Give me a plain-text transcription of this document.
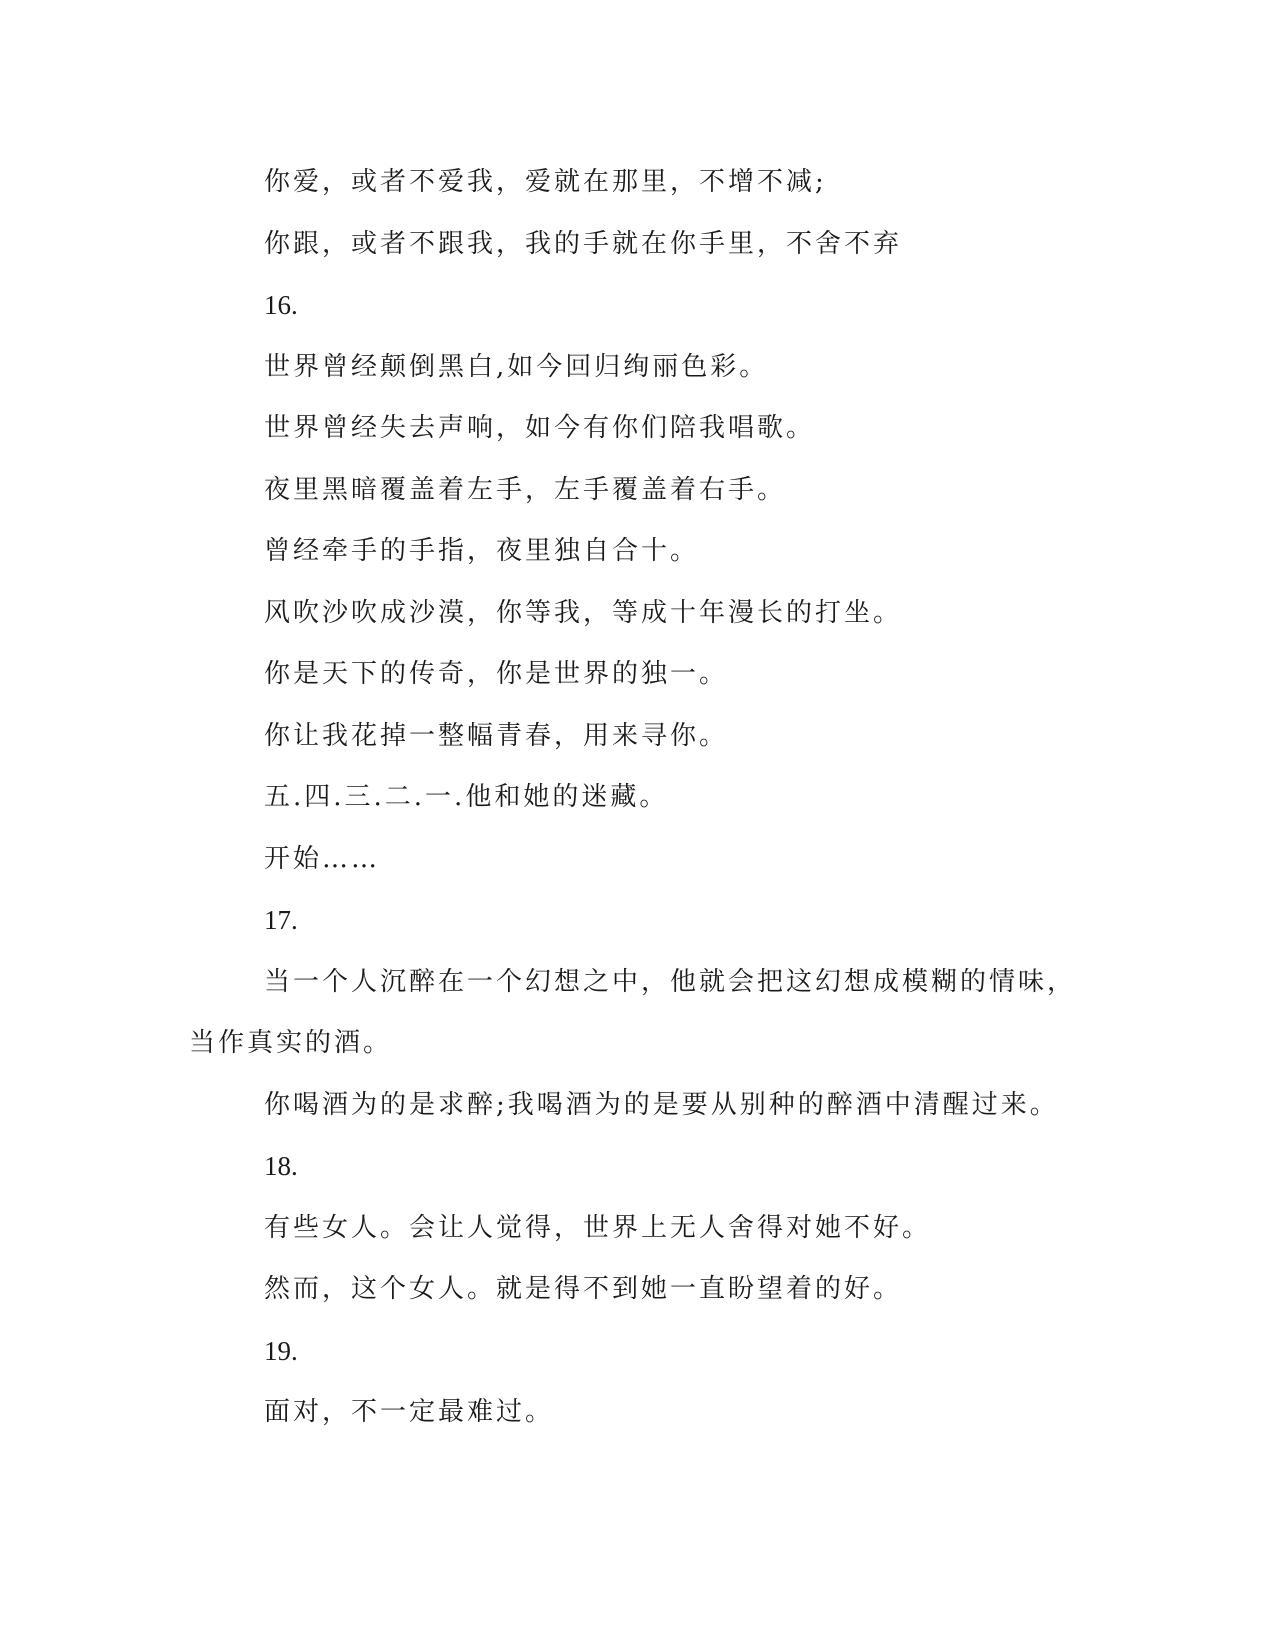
你爱，或者不爱我，爱就在那里，不增不减;

你跟，或者不跟我，我的手就在你手里，不舍不弃

16.

世界曾经颠倒黑白,如今回归绚丽色彩。

世界曾经失去声响，如今有你们陪我唱歌。

夜里黑暗覆盖着左手，左手覆盖着右手。

曾经牵手的手指，夜里独自合十。

风吹沙吹成沙漠，你等我，等成十年漫长的打坐。

你是天下的传奇，你是世界的独一。

你让我花掉一整幅青春，用来寻你。

五.四.三.二.一.他和她的迷藏。

开始……

17.

当一个人沉醉在一个幻想之中，他就会把这幻想成模糊的情味，

当作真实的酒。

你喝酒为的是求醉;我喝酒为的是要从别种的醉酒中清醒过来。

18.

有些女人。会让人觉得，世界上无人舍得对她不好。

然而，这个女人。就是得不到她一直盼望着的好。

19.

面对，不一定最难过。
